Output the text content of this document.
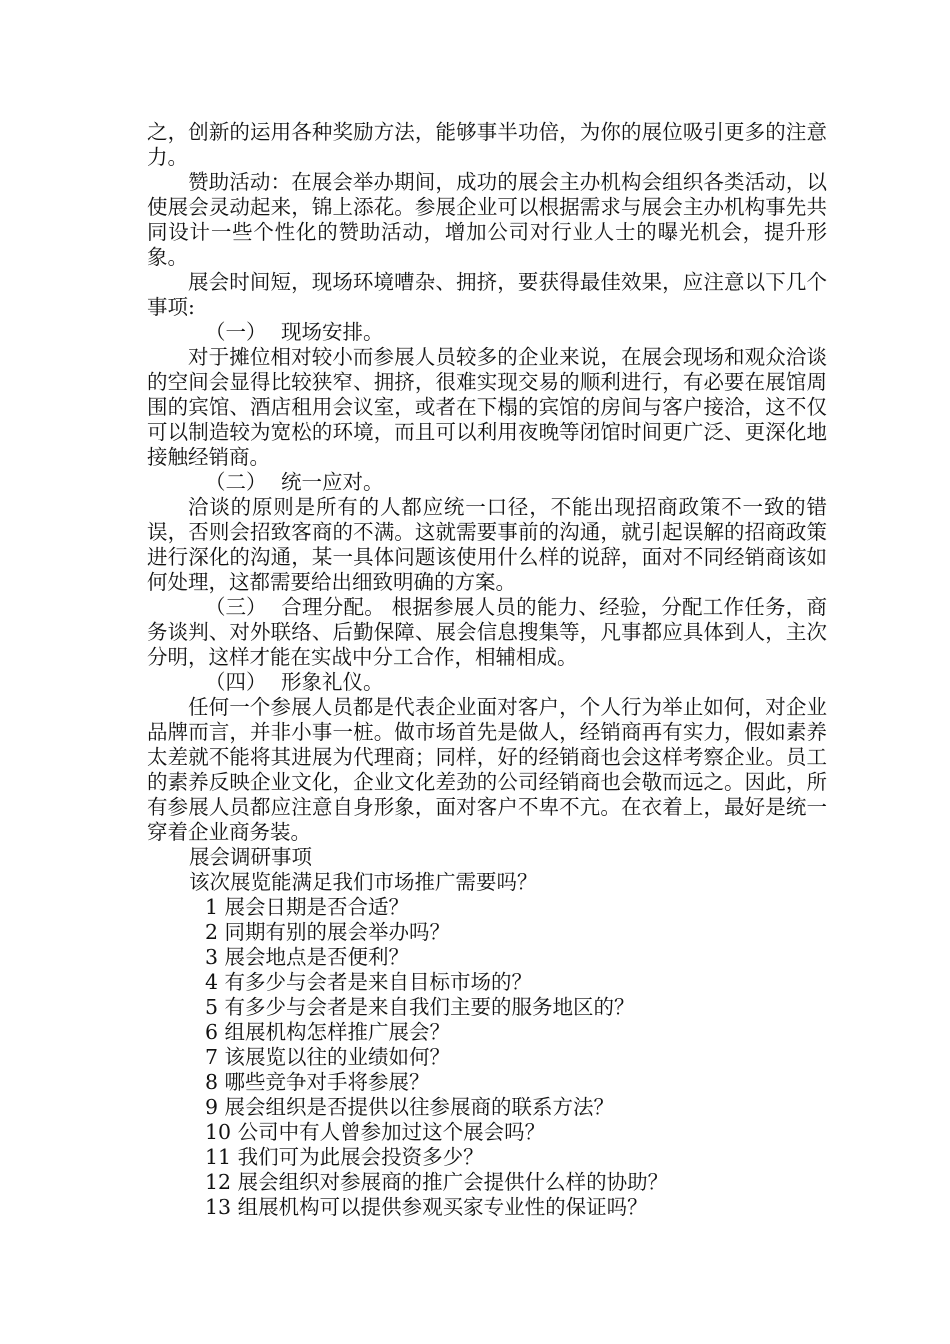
之，创新的运用各种奖励方法，能够事半功倍，为你的展位吸引更多的注意力。

赞助活动：在展会举办期间，成功的展会主办机构会组织各类活动，以使展会灵动起来，锦上添花。参展企业可以根据需求与展会主办机构事先共同设计一些个性化的赞助活动，增加公司对行业人士的曝光机会，提升形象。

展会时间短，现场环境嘈杂、拥挤，要获得最佳效果，应注意以下几个事项:

（一） 现场安排。

对于摊位相对较小而参展人员较多的企业来说，在展会现场和观众洽谈的空间会显得比较狭窄、拥挤，很难实现交易的顺利进行，有必要在展馆周围的宾馆、酒店租用会议室，或者在下榻的宾馆的房间与客户接洽，这不仅可以制造较为宽松的环境，而且可以利用夜晚等闭馆时间更广泛、更深化地接触经销商。

（二） 统一应对。

洽谈的原则是所有的人都应统一口径，不能出现招商政策不一致的错误，否则会招致客商的不满。这就需要事前的沟通，就引起误解的招商政策进行深化的沟通，某一具体问题该使用什么样的说辞，面对不同经销商该如何处理，这都需要给出细致明确的方案。

（三） 合理分配。 根据参展人员的能力、经验，分配工作任务，商务谈判、对外联络、后勤保障、展会信息搜集等，凡事都应具体到人，主次分明，这样才能在实战中分工合作，相辅相成。

（四） 形象礼仪。

任何一个参展人员都是代表企业面对客户，个人行为举止如何，对企业品牌而言，并非小事一桩。做市场首先是做人，经销商再有实力，假如素养太差就不能将其进展为代理商；同样，好的经销商也会这样考察企业。员工的素养反映企业文化，企业文化差劲的公司经销商也会敬而远之。因此，所有参展人员都应注意自身形象，面对客户不卑不亢。在衣着上，最好是统一穿着企业商务装。

展会调研事项

该次展览能满足我们市场推广需要吗？

1 展会日期是否合适？

2 同期有别的展会举办吗？

3 展会地点是否便利？

4 有多少与会者是来自目标市场的？

5 有多少与会者是来自我们主要的服务地区的？

6 组展机构怎样推广展会？

7 该展览以往的业绩如何？

8 哪些竞争对手将参展？

9 展会组织是否提供以往参展商的联系方法？

10 公司中有人曾参加过这个展会吗？

11 我们可为此展会投资多少？

12 展会组织对参展商的推广会提供什么样的协助？

13 组展机构可以提供参观买家专业性的保证吗？
